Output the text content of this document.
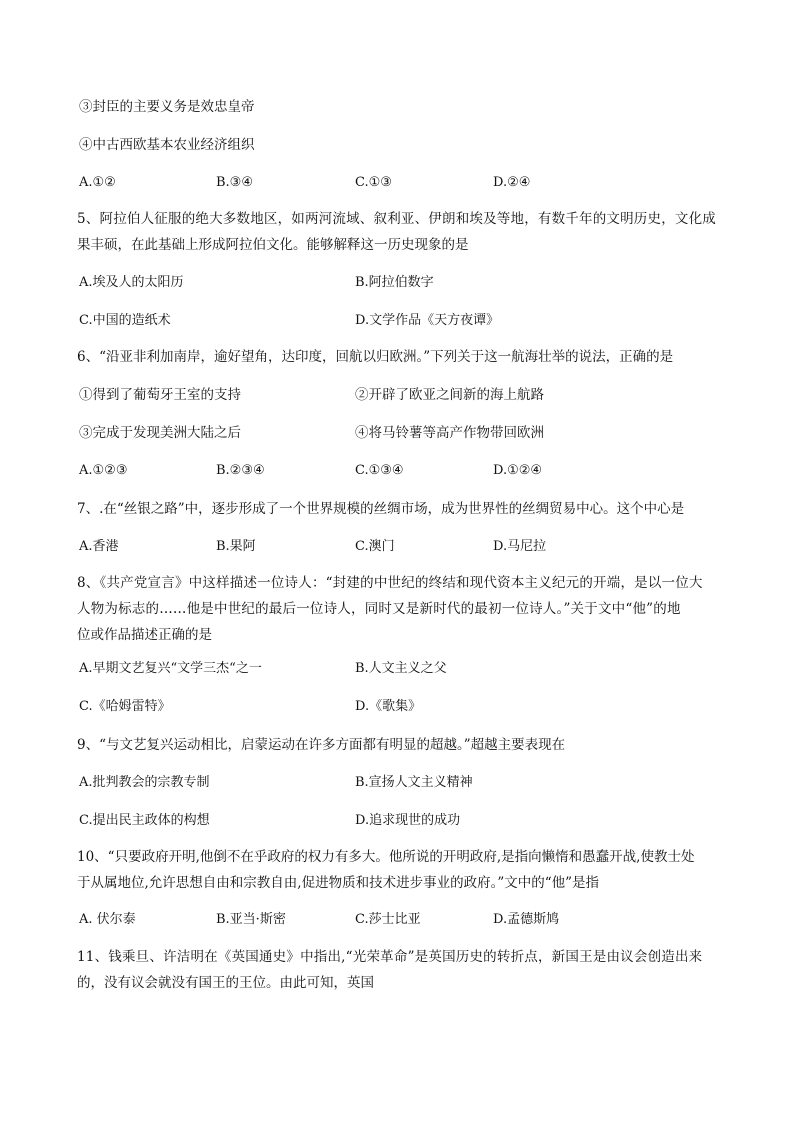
③封臣的主要义务是效忠皇帝
④中古西欧基本农业经济组织
A.①②	B.③④	C.①③	D.②④
5、阿拉伯人征服的绝大多数地区，如两河流域、叙利亚、伊朗和埃及等地，有数千年的文明历史，文化成
果丰硕，在此基础上形成阿拉伯文化。能够解释这一历史现象的是
A.埃及人的太阳历	B.阿拉伯数字
C.中国的造纸术	D.文学作品《天方夜谭》
6、“沿亚非利加南岸，逾好望角，达印度，回航以归欧洲。”下列关于这一航海壮举的说法，正确的是
①得到了葡萄牙王室的支持	②开辟了欧亚之间新的海上航路
③完成于发现美洲大陆之后	④将马铃薯等高产作物带回欧洲
A.①②③	B.②③④	C.①③④	D.①②④
7、.在“丝银之路”中，逐步形成了一个世界规模的丝绸市场，成为世界性的丝绸贸易中心。这个中心是
A.香港	B.果阿	C.澳门	D.马尼拉
8、《共产党宣言》中这样描述一位诗人：“封建的中世纪的终结和现代资本主义纪元的开端，是以一位大
人物为标志的……他是中世纪的最后一位诗人，同时又是新时代的最初一位诗人。”关于文中“他”的地
位或作品描述正确的是
A.早期文艺复兴“文学三杰“之一	B.人文主义之父
C.《哈姆雷特》	D.《歌集》
9、“与文艺复兴运动相比，启蒙运动在许多方面都有明显的超越。”超越主要表现在
A.批判教会的宗教专制	B.宣扬人文主义精神
C.提出民主政体的构想	D.追求现世的成功
10、“只要政府开明,他倒不在乎政府的权力有多大。他所说的开明政府,是指向懒惰和愚蠢开战,使教士处
于从属地位,允许思想自由和宗教自由,促进物质和技术进步事业的政府。”文中的“他”是指
A. 伏尔泰	B.亚当·斯密	C.莎士比亚	D.孟德斯鸠
11、钱乘旦、许洁明在《英国通史》中指出,“光荣革命”是英国历史的转折点，新国王是由议会创造出来
的，没有议会就没有国王的王位。由此可知，英国
